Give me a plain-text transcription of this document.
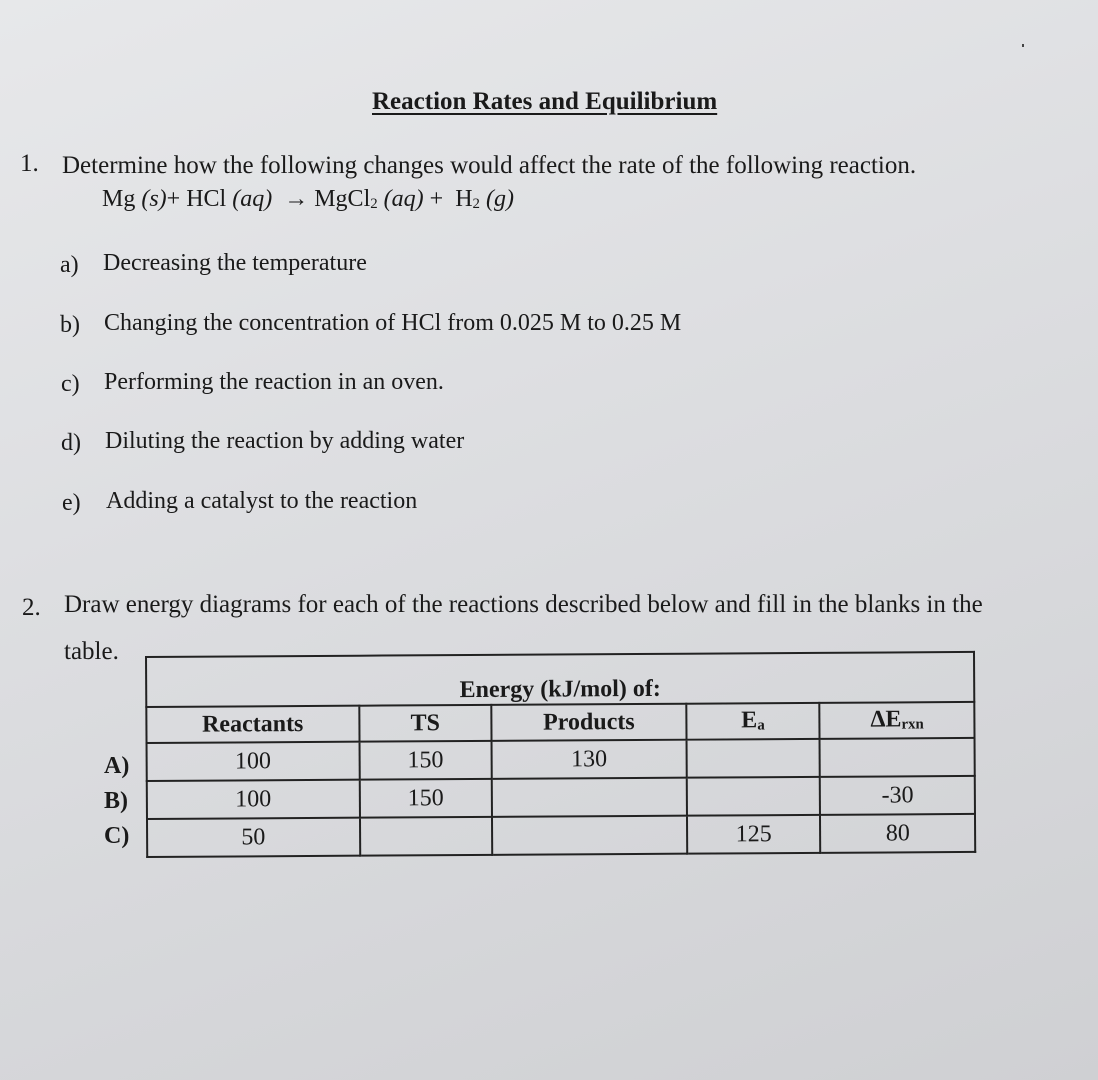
Reaction Rates and Equilibrium
1. Determine how the following changes would affect the rate of the following reaction.
Mg (s)+ HCl (aq) → MgCl$_2$ $(aq) + H_2$ (g)
a) Decreasing the temperature
b) Changing the concentration of HCl from 0.025 M to 0.25 M
c) Performing the reaction in an oven.
d) Diluting the reaction by adding water
e) Adding a catalyst to the reaction
2. Draw energy diagrams for each of the reactions described below and fill in the blanks in the
table.
A)
B)
C)
Energy (kJ/mol) of:				
Reactants	TS	Products	$E_a$	$\Delta E_{rxn}$
100	150	130		
100	150			-30
50			125	80
